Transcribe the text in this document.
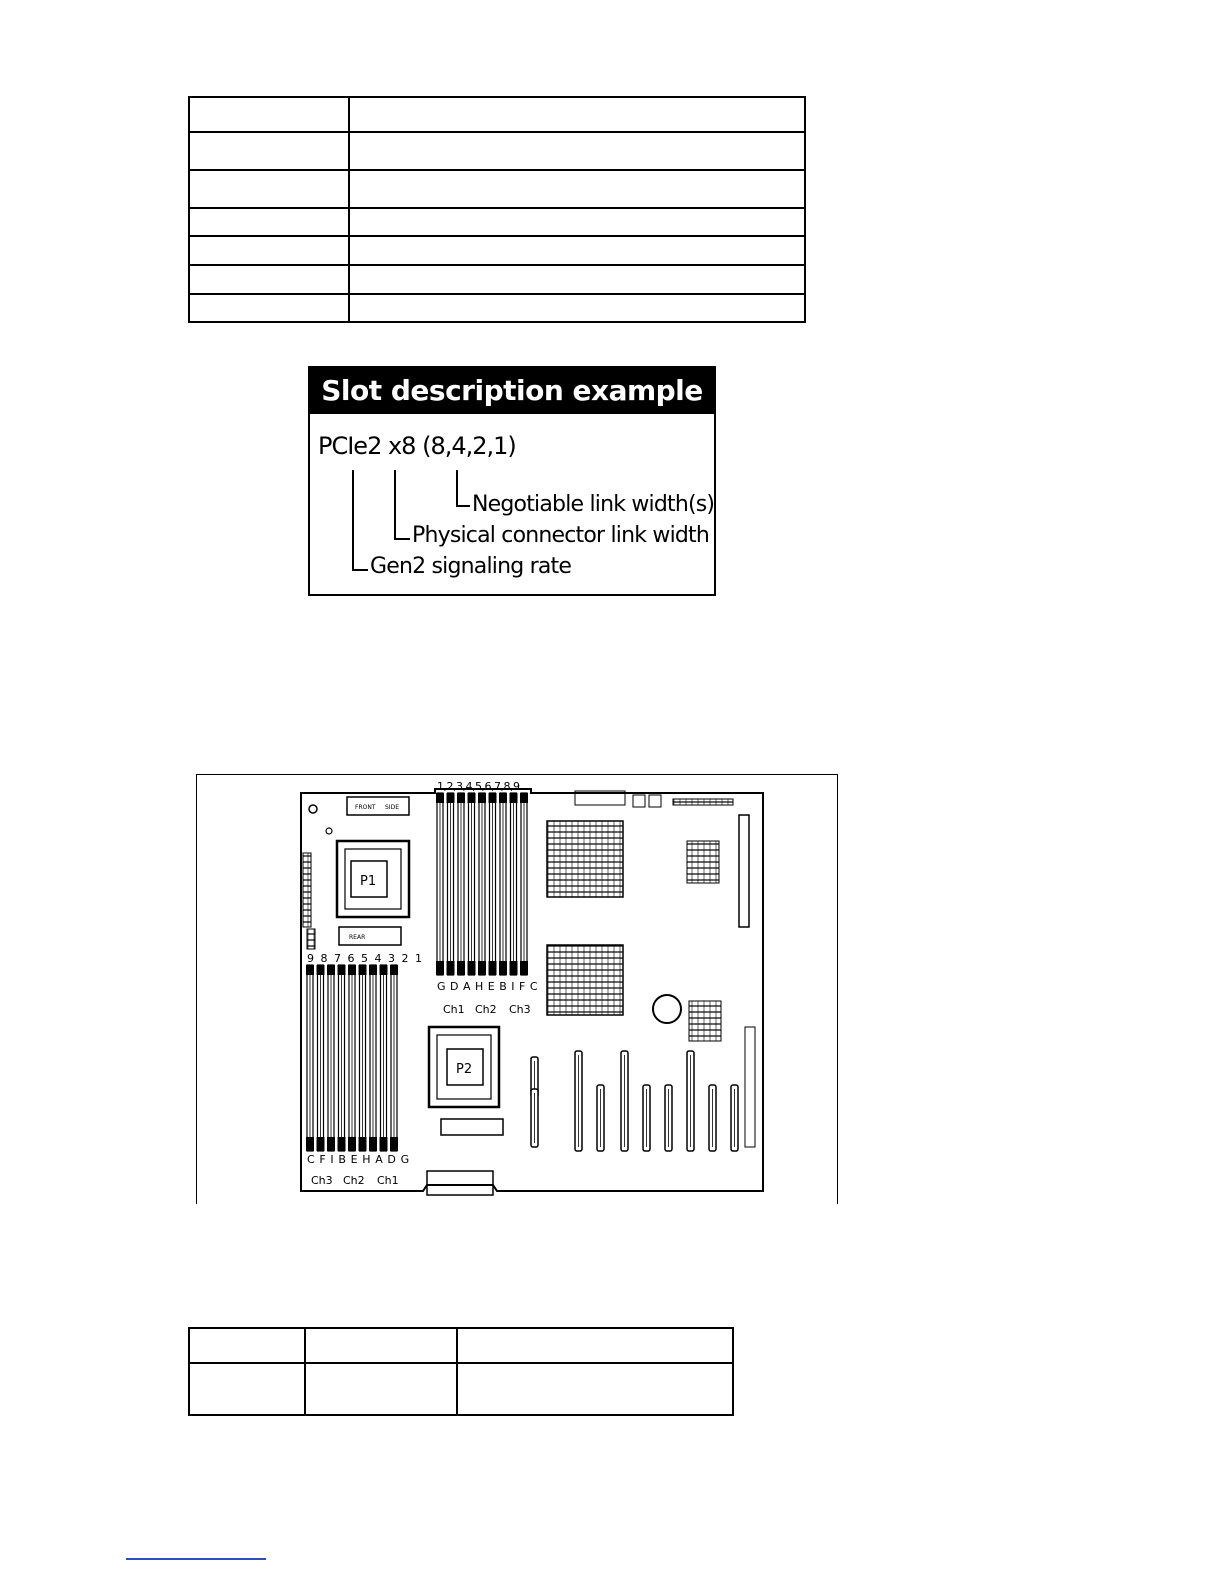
Slot description example
PCIe2 x8 (8,4,2,1)
Negotiable link width(s)
Physical connector link width
Gen2 signaling rate
FRONT SIDE
P1
REAR
1,2,3,4,5,6,7,8,9
G D A H E B I F C
Ch1 Ch2 Ch3
9 8 7 6 5 4 3 2 1
C F I B E H A D G
Ch3 Ch2 Ch1
P2
